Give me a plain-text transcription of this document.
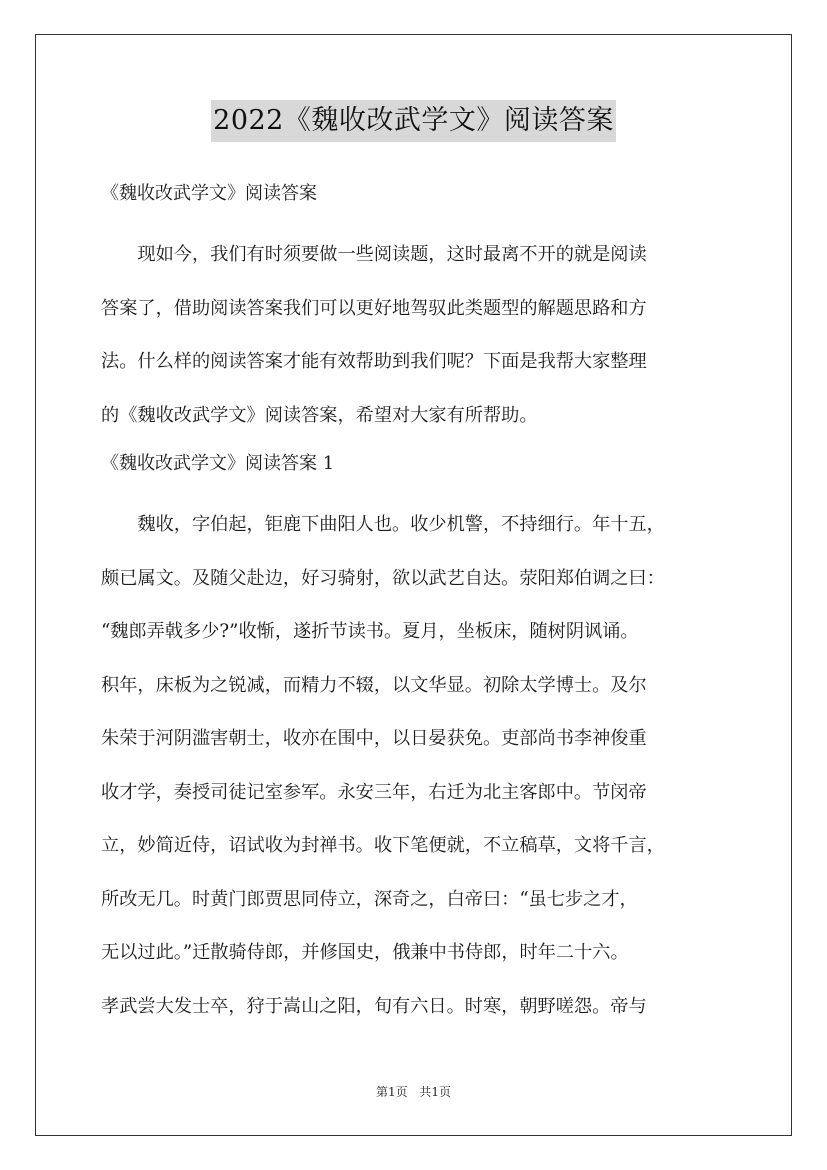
2022《魏收改武学文》阅读答案

《魏收改武学文》阅读答案

　　现如今，我们有时须要做一些阅读题，这时最离不开的就是阅读
答案了，借助阅读答案我们可以更好地驾驭此类题型的解题思路和方
法。什么样的阅读答案才能有效帮助到我们呢？下面是我帮大家整理
的《魏收改武学文》阅读答案，希望对大家有所帮助。

《魏收改武学文》阅读答案 1

　　魏收，字伯起，钜鹿下曲阳人也。收少机警，不持细行。年十五，
颇已属文。及随父赴边，好习骑射，欲以武艺自达。荥阳郑伯调之曰：
“魏郎弄戟多少?”收惭，遂折节读书。夏月，坐板床，随树阴讽诵。
积年，床板为之锐减，而精力不辍，以文华显。初除太学博士。及尔
朱荣于河阴滥害朝士，收亦在围中，以日晏获免。吏部尚书李神俊重
收才学，奏授司徒记室参军。永安三年，右迁为北主客郎中。节闵帝
立，妙简近侍，诏试收为封禅书。收下笔便就，不立稿草，文将千言，
所改无几。时黄门郎贾思同侍立，深奇之，白帝曰：“虽七步之才，
无以过此。”迁散骑侍郎，并修国史，俄兼中书侍郎，时年二十六。
孝武尝大发士卒，狩于嵩山之阳，旬有六日。时寒，朝野嗟怨。帝与
第1页 共1页
